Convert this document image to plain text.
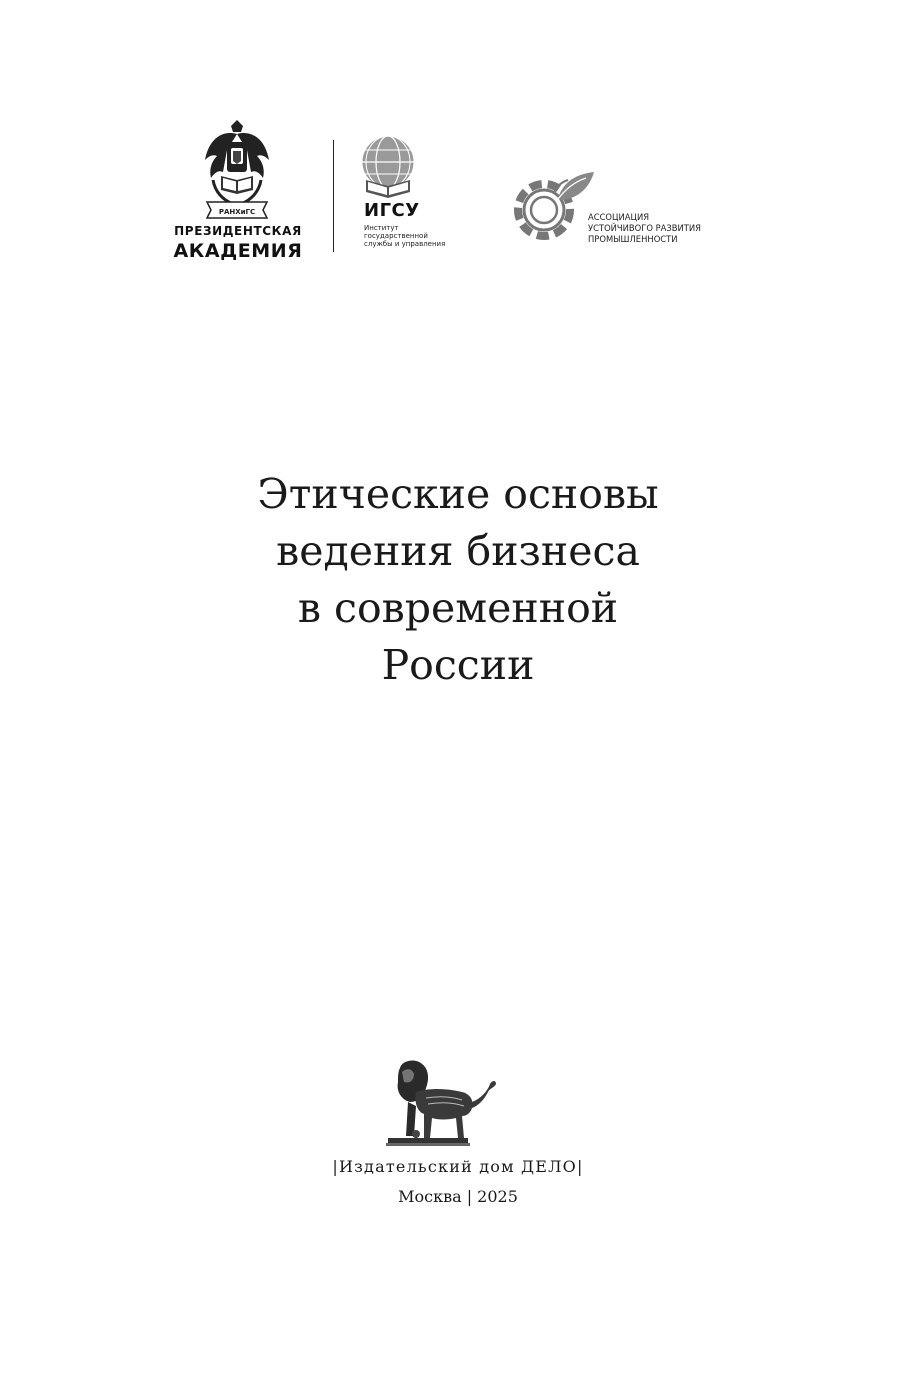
РАНХиГС
ПРЕЗИДЕНТСКАЯ
АКАДЕМИЯ
ИГСУ
Институт
государственной
службы и управления
АССОЦИАЦИЯ
УСТОЙЧИВОГО РАЗВИТИЯ
ПРОМЫШЛЕННОСТИ
Этические основы
ведения бизнеса
в современной
России
|Издательский дом ДЕЛО|
Москва | 2025
